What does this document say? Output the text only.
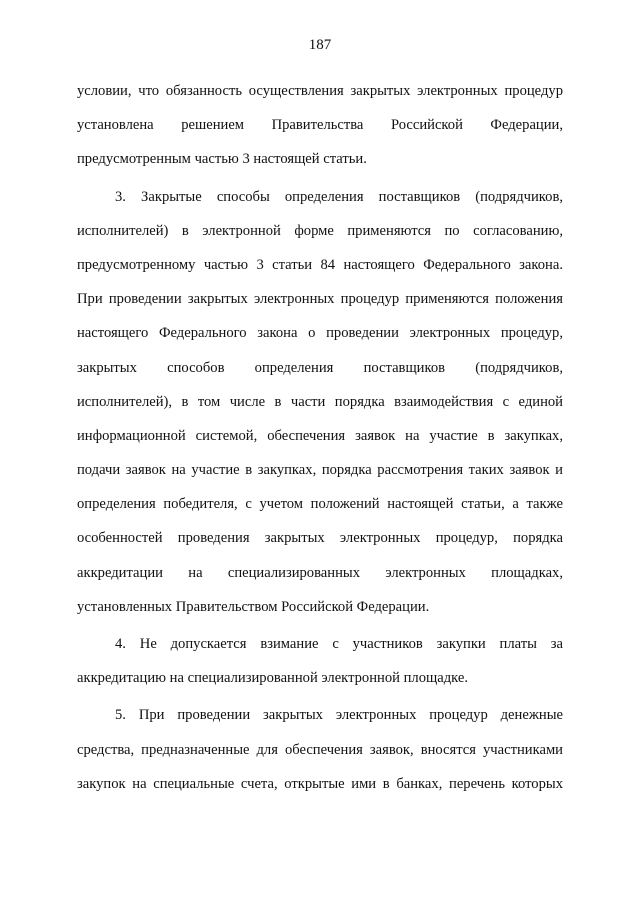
187
условии, что обязанность осуществления закрытых электронных процедур
установлена решением Правительства Российской Федерации,
предусмотренным частью 3 настоящей статьи.
3. Закрытые способы определения поставщиков (подрядчиков,
исполнителей) в электронной форме применяются по согласованию,
предусмотренному частью 3 статьи 84 настоящего Федерального закона.
При проведении закрытых электронных процедур применяются положения
настоящего Федерального закона о проведении электронных процедур,
закрытых способов определения поставщиков (подрядчиков,
исполнителей), в том числе в части порядка взаимодействия с единой
информационной системой, обеспечения заявок на участие в закупках,
подачи заявок на участие в закупках, порядка рассмотрения таких заявок и
определения победителя, с учетом положений настоящей статьи, а также
особенностей проведения закрытых электронных процедур, порядка
аккредитации на специализированных электронных площадках,
установленных Правительством Российской Федерации.
4. Не допускается взимание с участников закупки платы за
аккредитацию на специализированной электронной площадке.
5. При проведении закрытых электронных процедур денежные
средства, предназначенные для обеспечения заявок, вносятся участниками
закупок на специальные счета, открытые ими в банках, перечень которых
